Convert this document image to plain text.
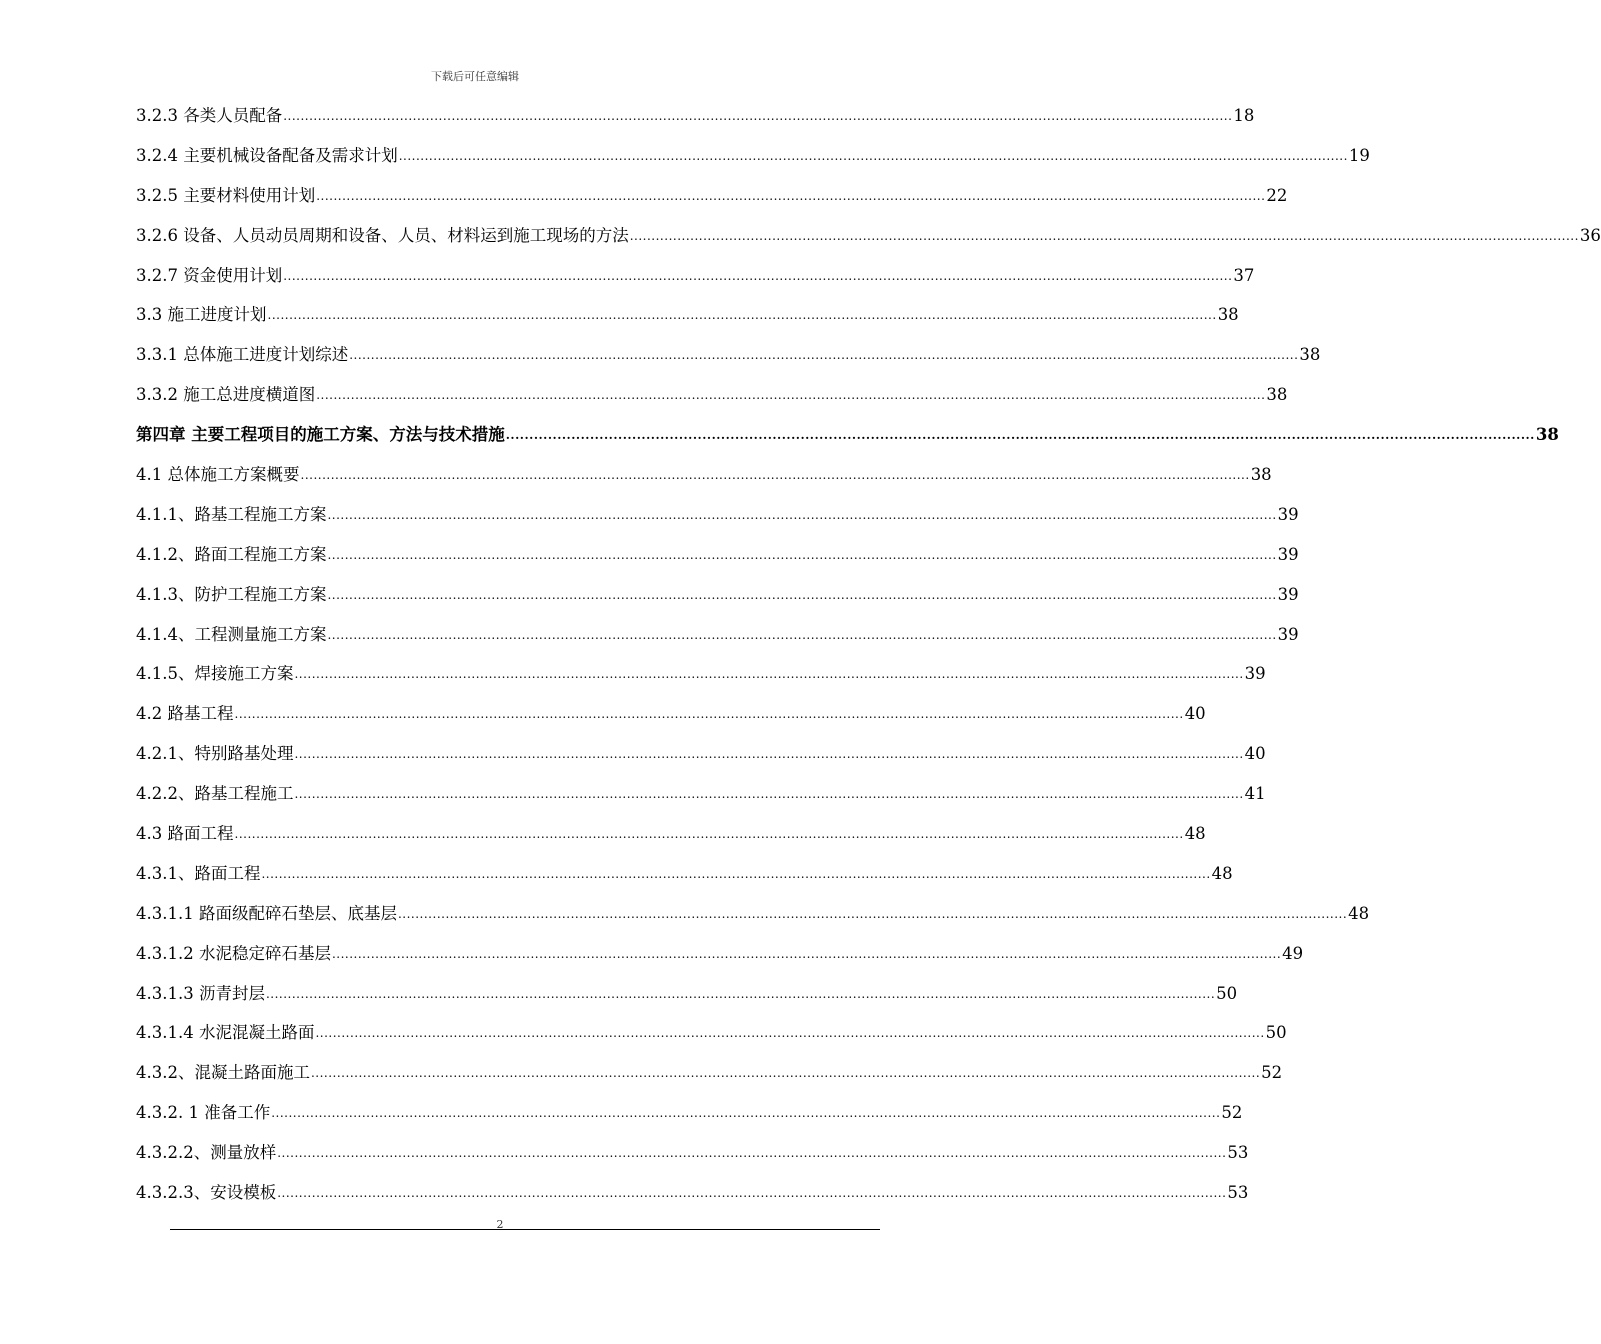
下载后可任意编辑
3.2.3 各类人员配备 ............................................................................................................................................................................................................................ 18
3.2.4 主要机械设备配备及需求计划 ............................................................................................................................................................................................................................ 19
3.2.5 主要材料使用计划 ............................................................................................................................................................................................................................ 22
3.2.6 设备、人员动员周期和设备、人员、材料运到施工现场的方法 ............................................................................................................................................................................................................................ 36
3.2.7 资金使用计划 ............................................................................................................................................................................................................................ 37
3.3 施工进度计划 ............................................................................................................................................................................................................................ 38
3.3.1 总体施工进度计划综述 ............................................................................................................................................................................................................................ 38
3.3.2 施工总进度横道图 ............................................................................................................................................................................................................................ 38
第四章 主要工程项目的施工方案、方法与技术措施 ............................................................................................................................................................................................................................ 38
4.1 总体施工方案概要 ............................................................................................................................................................................................................................ 38
4.1.1、路基工程施工方案 ............................................................................................................................................................................................................................ 39
4.1.2、路面工程施工方案 ............................................................................................................................................................................................................................ 39
4.1.3、防护工程施工方案 ............................................................................................................................................................................................................................ 39
4.1.4、工程测量施工方案 ............................................................................................................................................................................................................................ 39
4.1.5、焊接施工方案 ............................................................................................................................................................................................................................ 39
4.2 路基工程 ............................................................................................................................................................................................................................ 40
4.2.1、特别路基处理 ............................................................................................................................................................................................................................ 40
4.2.2、路基工程施工 ............................................................................................................................................................................................................................ 41
4.3 路面工程 ............................................................................................................................................................................................................................ 48
4.3.1、路面工程 ............................................................................................................................................................................................................................ 48
4.3.1.1 路面级配碎石垫层、底基层 ............................................................................................................................................................................................................................ 48
4.3.1.2 水泥稳定碎石基层 ............................................................................................................................................................................................................................ 49
4.3.1.3 沥青封层 ............................................................................................................................................................................................................................ 50
4.3.1.4 水泥混凝土路面 ............................................................................................................................................................................................................................ 50
4.3.2、混凝土路面施工 ............................................................................................................................................................................................................................ 52
4.3.2. 1 准备工作 ............................................................................................................................................................................................................................ 52
4.3.2.2、测量放样 ............................................................................................................................................................................................................................ 53
4.3.2.3、安设模板 ............................................................................................................................................................................................................................ 53
2
